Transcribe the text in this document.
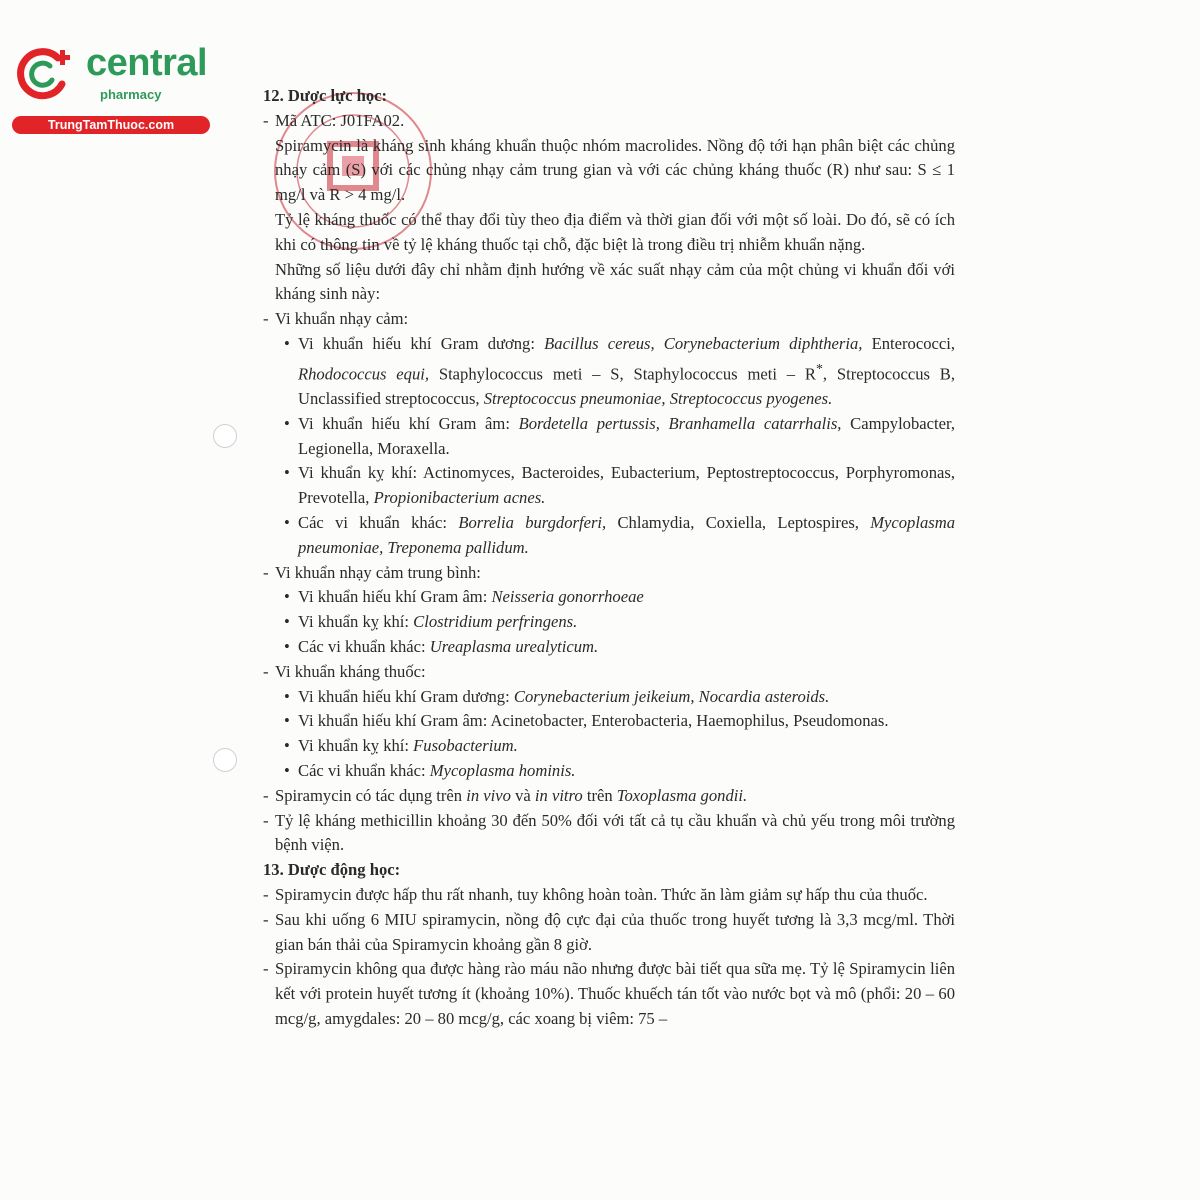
central
pharmacy
TrungTamThuoc.com
12. Dược lực học:
- Mã ATC: J01FA02.
Spiramycin là kháng sinh kháng khuẩn thuộc nhóm macrolides. Nồng độ tới hạn phân biệt các chủng nhạy cảm (S) với các chủng nhạy cảm trung gian và với các chủng kháng thuốc (R) như sau: S ≤ 1 mg/l và R > 4 mg/l.
Tỷ lệ kháng thuốc có thể thay đổi tùy theo địa điểm và thời gian đối với một số loài. Do đó, sẽ có ích khi có thông tin về tỷ lệ kháng thuốc tại chỗ, đặc biệt là trong điều trị nhiễm khuẩn nặng.
Những số liệu dưới đây chỉ nhằm định hướng về xác suất nhạy cảm của một chủng vi khuẩn đối với kháng sinh này:
- Vi khuẩn nhạy cảm:
• Vi khuẩn hiếu khí Gram dương: Bacillus cereus, Corynebacterium diphtheria, Enterococci, Rhodococcus equi, Staphylococcus meti – S, Staphylococcus meti – R*, Streptococcus B, Unclassified streptococcus, Streptococcus pneumoniae, Streptococcus pyogenes.
• Vi khuẩn hiếu khí Gram âm: Bordetella pertussis, Branhamella catarrhalis, Campylobacter, Legionella, Moraxella.
• Vi khuẩn kỵ khí: Actinomyces, Bacteroides, Eubacterium, Peptostreptococcus, Porphyromonas, Prevotella, Propionibacterium acnes.
• Các vi khuẩn khác: Borrelia burgdorferi, Chlamydia, Coxiella, Leptospires, Mycoplasma pneumoniae, Treponema pallidum.
- Vi khuẩn nhạy cảm trung bình:
• Vi khuẩn hiếu khí Gram âm: Neisseria gonorrhoeae
• Vi khuẩn kỵ khí: Clostridium perfringens.
• Các vi khuẩn khác: Ureaplasma urealyticum.
- Vi khuẩn kháng thuốc:
• Vi khuẩn hiếu khí Gram dương: Corynebacterium jeikeium, Nocardia asteroids.
• Vi khuẩn hiếu khí Gram âm: Acinetobacter, Enterobacteria, Haemophilus, Pseudomonas.
• Vi khuẩn kỵ khí: Fusobacterium.
• Các vi khuẩn khác: Mycoplasma hominis.
- Spiramycin có tác dụng trên in vivo và in vitro trên Toxoplasma gondii.
- Tỷ lệ kháng methicillin khoảng 30 đến 50% đối với tất cả tụ cầu khuẩn và chủ yếu trong môi trường bệnh viện.
13. Dược động học:
- Spiramycin được hấp thu rất nhanh, tuy không hoàn toàn. Thức ăn làm giảm sự hấp thu của thuốc.
- Sau khi uống 6 MIU spiramycin, nồng độ cực đại của thuốc trong huyết tương là 3,3 mcg/ml. Thời gian bán thải của Spiramycin khoảng gần 8 giờ.
- Spiramycin không qua được hàng rào máu não nhưng được bài tiết qua sữa mẹ. Tỷ lệ Spiramycin liên kết với protein huyết tương ít (khoảng 10%). Thuốc khuếch tán tốt vào nước bọt và mô (phổi: 20 – 60 mcg/g, amygdales: 20 – 80 mcg/g, các xoang bị viêm: 75 –
